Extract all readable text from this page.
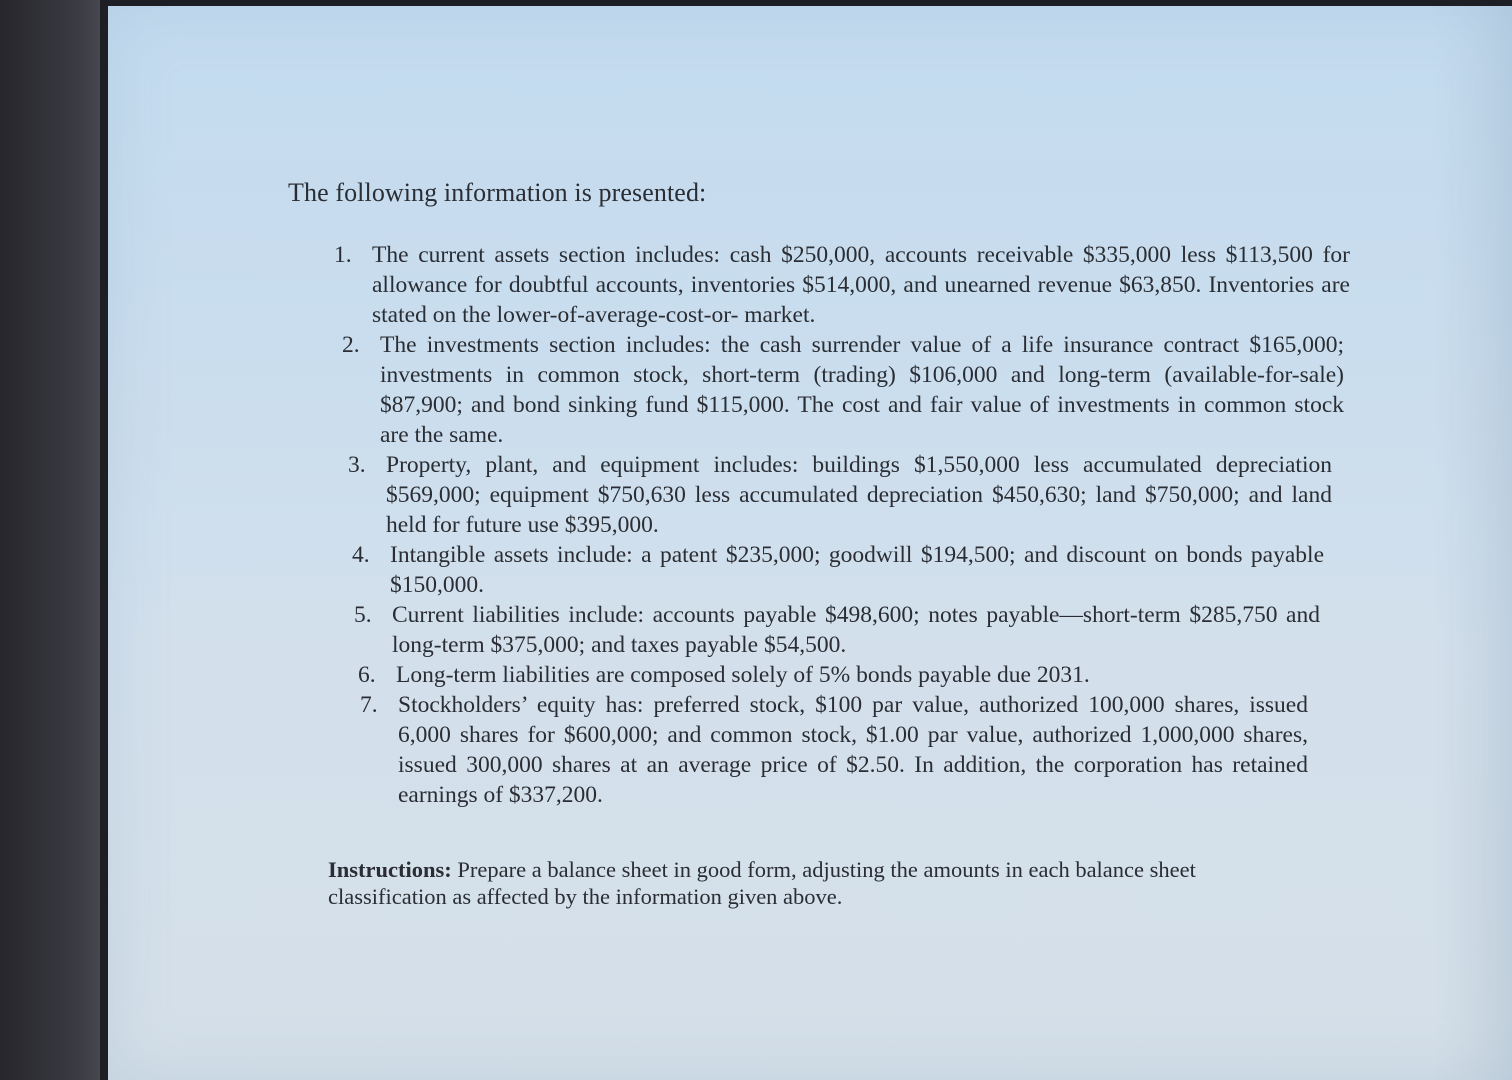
The following information is presented:

1. The current assets section includes: cash $250,000, accounts receivable $335,000 less $113,500 for allowance for doubtful accounts, inventories $514,000, and unearned revenue $63,850. Inventories are stated on the lower-of-average-cost-or- market.
2. The investments section includes: the cash surrender value of a life insurance contract $165,000; investments in common stock, short-term (trading) $106,000 and long-term (available-for-sale) $87,900; and bond sinking fund $115,000. The cost and fair value of investments in common stock are the same.
3. Property, plant, and equipment includes: buildings $1,550,000 less accumulated depreciation $569,000; equipment $750,630 less accumulated depreciation $450,630; land $750,000; and land held for future use $395,000.
4. Intangible assets include: a patent $235,000; goodwill $194,500; and discount on bonds payable $150,000.
5. Current liabilities include: accounts payable $498,600; notes payable—short-term $285,750 and long-term $375,000; and taxes payable $54,500.
6. Long-term liabilities are composed solely of 5% bonds payable due 2031.
7. Stockholders’ equity has: preferred stock, $100 par value, authorized 100,000 shares, issued 6,000 shares for $600,000; and common stock, $1.00 par value, authorized 1,000,000 shares, issued 300,000 shares at an average price of $2.50. In addition, the corporation has retained earnings of $337,200.

Instructions: Prepare a balance sheet in good form, adjusting the amounts in each balance sheet classification as affected by the information given above.
